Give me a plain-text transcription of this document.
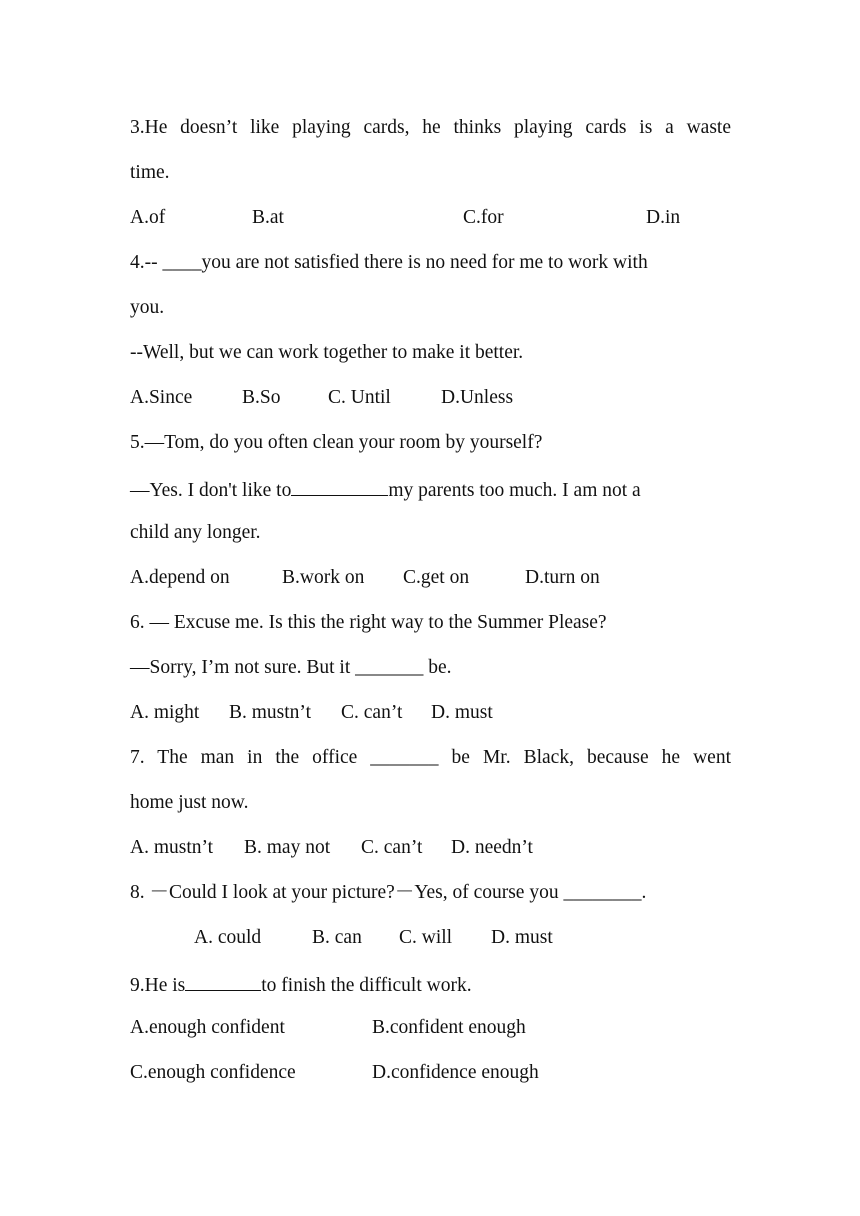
3.He doesn’t like playing cards, he thinks playing cards is a waste
time.
A.of	B.at	C.for	D.in
4.-- ____you are not satisfied there is no need for me to work with
you.
--Well, but we can work together to make it better.
A.Since	B.So C. Until	D.Unless
5.—Tom, do you often clean your room by yourself?
—Yes. I don't like to	my parents too much. I am not a
child any longer.
A.depend on	B.work on C.get on	D.turn on
6. — Excuse me. Is this the right way to the Summer Please?
—Sorry, I’m not sure. But it _______ be.
A. might B. mustn’t C. can’t D. must
7. The man in the office _______ be Mr. Black, because he went
home just now.
A. mustn’t B. may not C. can’t D. needn’t
8. －Could I look at your picture?－Yes, of course you ________.
A. could	B. can C. will D. must
9.He is	to finish the difficult work.
A.enough confident	B.confident enough
C.enough confidence	D.confidence enough
